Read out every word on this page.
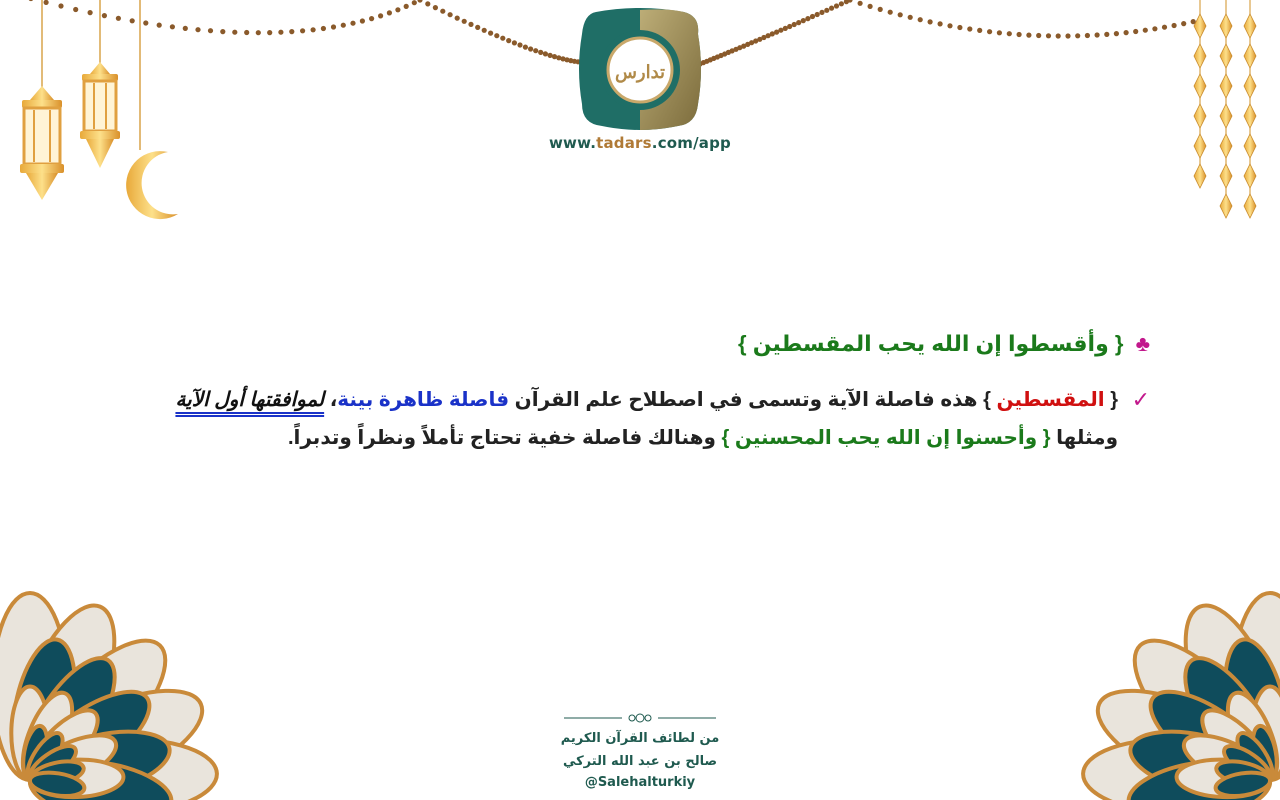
تدارس
www.tadars.com/app
♣ { وأقسطوا إن الله يحب المقسطين }
✓
{ المقسطين } هذه فاصلة الآية وتسمى في اصطلاح علم القرآن فاصلة ظاهرة بينة، لموافقتها أول الآية
ومثلها { وأحسنوا إن الله يحب المحسنين } وهنالك فاصلة خفية تحتاج تأملاً ونظراً وتدبراً.
من لطائف القرآن الكريم
صالح بن عبد الله التركي
@Salehalturkiy
